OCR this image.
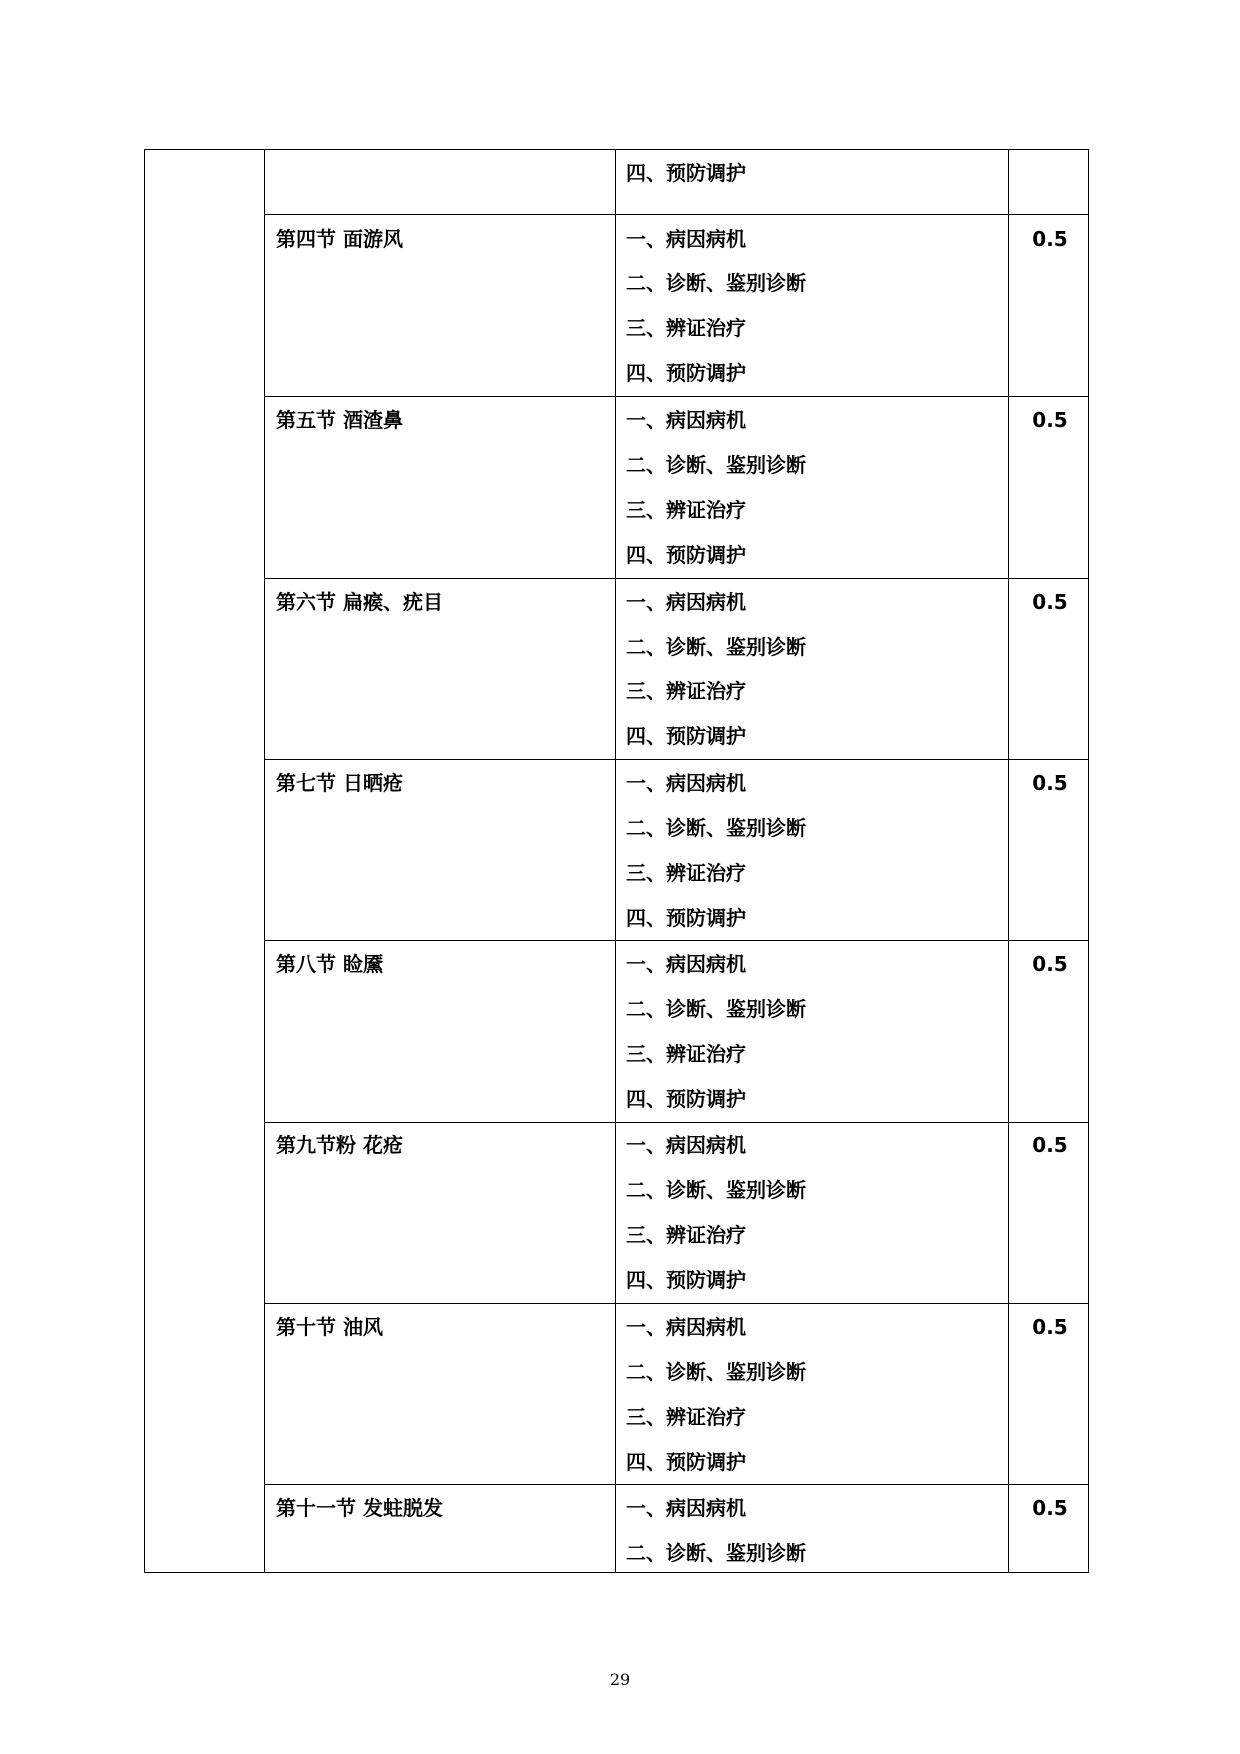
四、预防调护
第四节 面游风	0.5
一、病因病机
二、诊断、鉴别诊断
三、辨证治疗
四、预防调护
第五节 酒渣鼻	0.5
一、病因病机
二、诊断、鉴别诊断
三、辨证治疗
四、预防调护
第六节 扁瘊、疣目	0.5
一、病因病机
二、诊断、鉴别诊断
三、辨证治疗
四、预防调护
第七节 日晒疮	0.5
一、病因病机
二、诊断、鉴别诊断
三、辨证治疗
四、预防调护
第八节 睑黡	0.5
一、病因病机
二、诊断、鉴别诊断
三、辨证治疗
四、预防调护
第九节粉 花疮	0.5
一、病因病机
二、诊断、鉴别诊断
三、辨证治疗
四、预防调护
第十节 油风	0.5
一、病因病机
二、诊断、鉴别诊断
三、辨证治疗
四、预防调护
第十一节 发蛀脱发	0.5
一、病因病机
二、诊断、鉴别诊断
29
